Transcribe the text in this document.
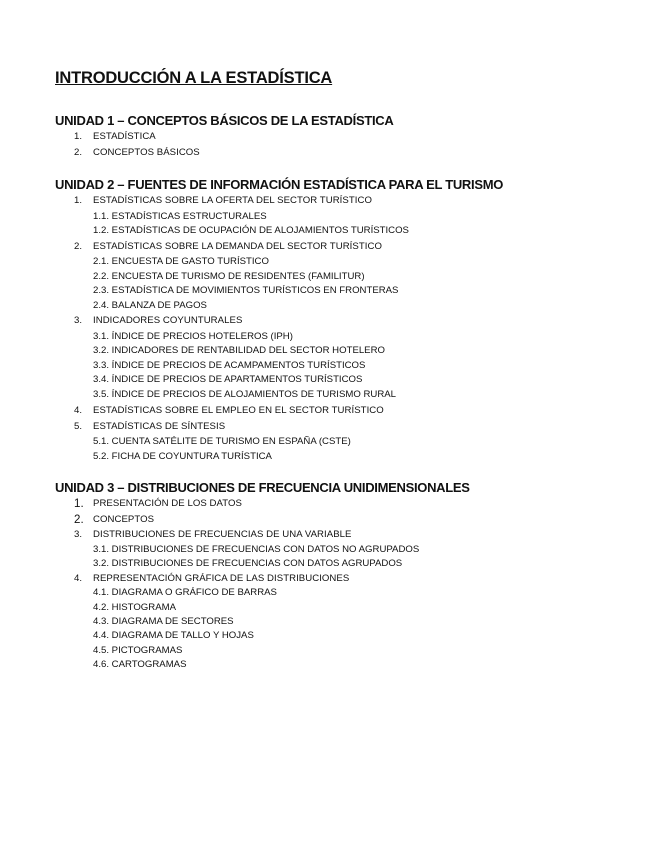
INTRODUCCIÓN A LA ESTADÍSTICA
UNIDAD 1 – CONCEPTOS BÁSICOS DE LA ESTADÍSTICA
1. ESTADÍSTICA
2. CONCEPTOS BÁSICOS
UNIDAD 2 – FUENTES DE INFORMACIÓN ESTADÍSTICA PARA EL TURISMO
1. ESTADÍSTICAS SOBRE LA OFERTA DEL SECTOR TURÍSTICO
1.1. ESTADÍSTICAS ESTRUCTURALES
1.2. ESTADÍSTICAS DE OCUPACIÓN DE ALOJAMIENTOS TURÍSTICOS
2. ESTADÍSTICAS SOBRE LA DEMANDA DEL SECTOR TURÍSTICO
2.1. ENCUESTA DE GASTO TURÍSTICO
2.2. ENCUESTA DE TURISMO DE RESIDENTES (FAMILITUR)
2.3. ESTADÍSTICA DE MOVIMIENTOS TURÍSTICOS EN FRONTERAS
2.4. BALANZA DE PAGOS
3. INDICADORES COYUNTURALES
3.1. ÍNDICE DE PRECIOS HOTELEROS (IPH)
3.2. INDICADORES DE RENTABILIDAD DEL SECTOR HOTELERO
3.3. ÍNDICE DE PRECIOS DE ACAMPAMENTOS TURÍSTICOS
3.4. ÍNDICE DE PRECIOS DE APARTAMENTOS TURÍSTICOS
3.5. ÍNDICE DE PRECIOS DE ALOJAMIENTOS DE TURISMO RURAL
4. ESTADÍSTICAS SOBRE EL EMPLEO EN EL SECTOR TURÍSTICO
5. ESTADÍSTICAS DE SÍNTESIS
5.1. CUENTA SATÉLITE DE TURISMO EN ESPAÑA (CSTE)
5.2. FICHA DE COYUNTURA TURÍSTICA
UNIDAD 3 – DISTRIBUCIONES DE FRECUENCIA UNIDIMENSIONALES
1. PRESENTACIÓN DE LOS DATOS
2. CONCEPTOS
3. DISTRIBUCIONES DE FRECUENCIAS DE UNA VARIABLE
3.1. DISTRIBUCIONES DE FRECUENCIAS CON DATOS NO AGRUPADOS
3.2. DISTRIBUCIONES DE FRECUENCIAS CON DATOS AGRUPADOS
4. REPRESENTACIÓN GRÁFICA DE LAS DISTRIBUCIONES
4.1. DIAGRAMA O GRÁFICO DE BARRAS
4.2. HISTOGRAMA
4.3. DIAGRAMA DE SECTORES
4.4. DIAGRAMA DE TALLO Y HOJAS
4.5. PICTOGRAMAS
4.6. CARTOGRAMAS
